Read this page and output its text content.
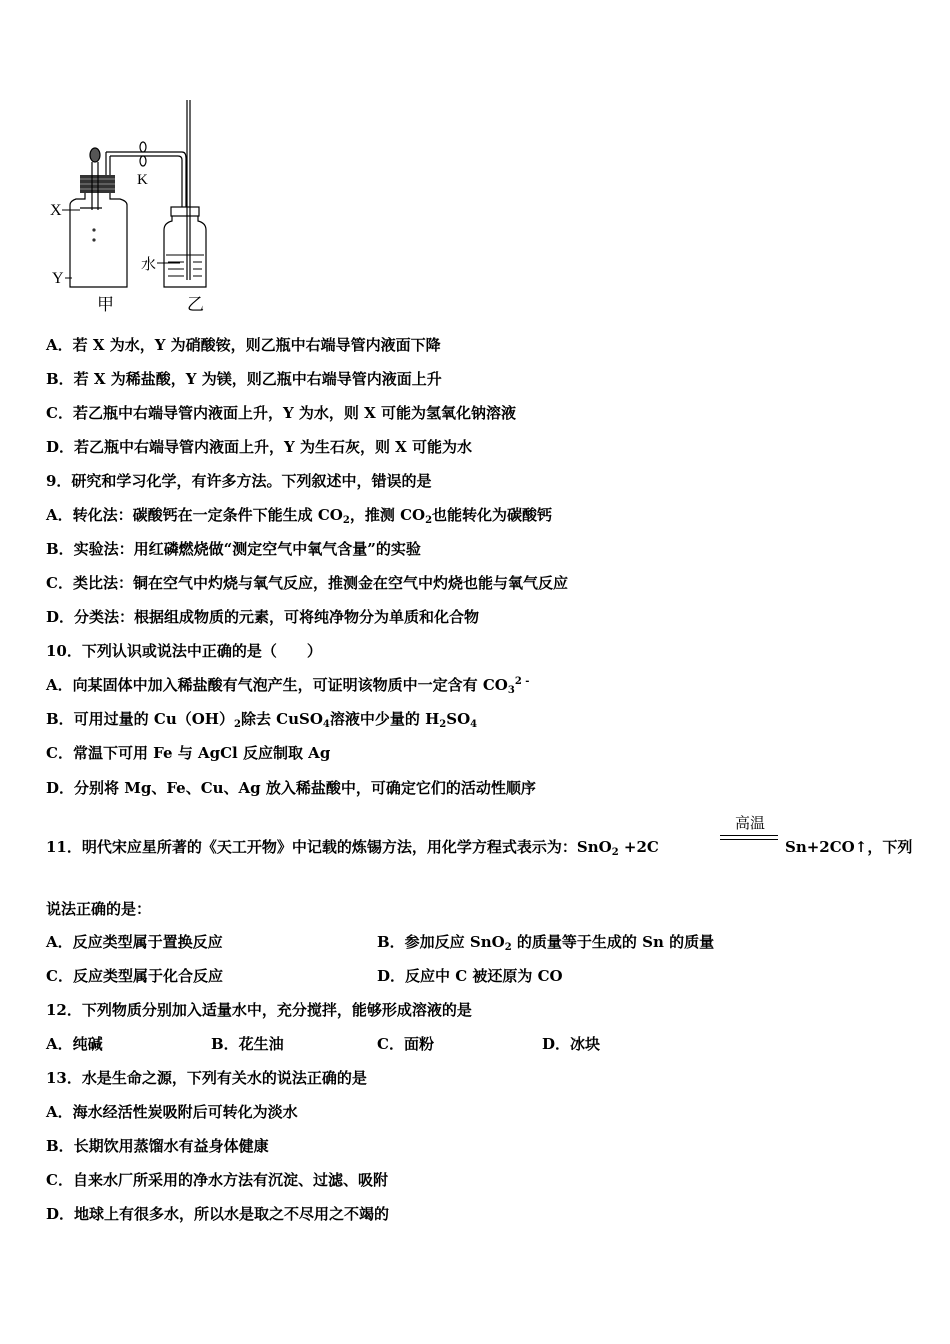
X
Y
K
水
甲	乙
A．若 X 为水，Y 为硝酸铵，则乙瓶中右端导管内液面下降
B．若 X 为稀盐酸，Y 为镁，则乙瓶中右端导管内液面上升
C．若乙瓶中右端导管内液面上升，Y 为水，则 X 可能为氢氧化钠溶液
D．若乙瓶中右端导管内液面上升，Y 为生石灰，则 X 可能为水
9．研究和学习化学，有许多方法。下列叙述中，错误的是
A．转化法：碳酸钙在一定条件下能生成 $CO_2$，推测 $CO_2$也能转化为碳酸钙
B．实验法：用红磷燃烧做“测定空气中氧气含量”的实验
C．类比法：铜在空气中灼烧与氧气反应，推测金在空气中灼烧也能与氧气反应
D．分类法：根据组成物质的元素，可将纯净物分为单质和化合物
10．下列认识或说法中正确的是（　　）
A．向某固体中加入稀盐酸有气泡产生，可证明该物质中一定含有 $CO_3^{2 -}$
B．可用过量的 $Cu(OH)_2$除去 CuSO$_4$溶液中少量的 $H_2SO_4$
C．常温下可用 Fe 与 AgCl 反应制取 Ag
D．分别将 Mg、Fe、Cu、Ag 放入稀盐酸中，可确定它们的活动性顺序
11．明代宋应星所著的《天工开物》中记载的炼锡方法，用化学方程式表示为：SnO$_2$ +2C
高温
Sn+2CO↑，下列
说法正确的是：
A．反应类型属于置换反应	B．参加反应 SnO$_2$ 的质量等于生成的 Sn 的质量
C．反应类型属于化合反应	D．反应中 C 被还原为 CO
12．下列物质分别加入适量水中，充分搅拌，能够形成溶液的是
A．纯碱	B．花生油	C．面粉	D．冰块
13．水是生命之源，下列有关水的说法正确的是
A．海水经活性炭吸附后可转化为淡水
B．长期饮用蒸馏水有益身体健康
C．自来水厂所采用的净水方法有沉淀、过滤、吸附
D．地球上有很多水，所以水是取之不尽用之不竭的
